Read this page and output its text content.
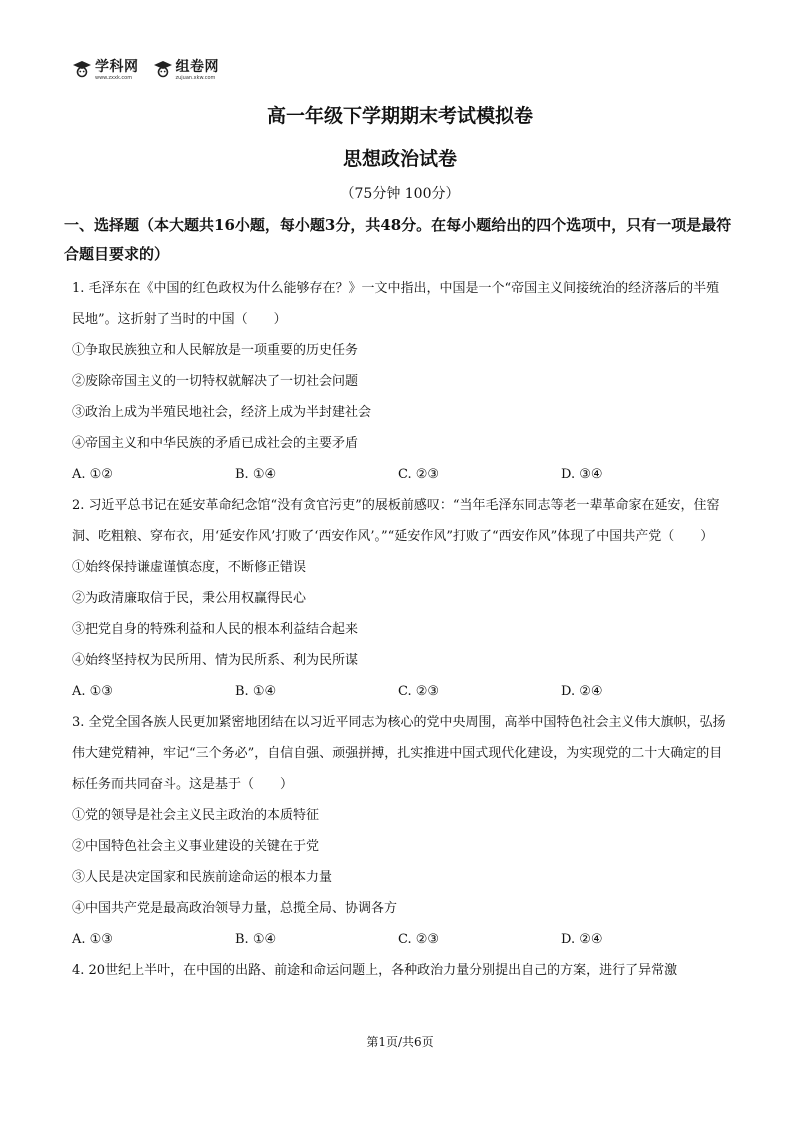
学科网
www.zxxk.com
组卷网
zujuan.xkw.com
高一年级下学期期末考试模拟卷
思想政治试卷
（75分钟 100分）
一、选择题（本大题共16小题，每小题3分，共48分。在每小题给出的四个选项中，只有一项是最符合题目要求的）

1. 毛泽东在《中国的红色政权为什么能够存在？》一文中指出，中国是一个“帝国主义间接统治的经济落后的半殖民地”。这折射了当时的中国（　　）

①争取民族独立和人民解放是一项重要的历史任务
②废除帝国主义的一切特权就解决了一切社会问题
③政治上成为半殖民地社会，经济上成为半封建社会
④帝国主义和中华民族的矛盾已成社会的主要矛盾
A. ①②	B. ①④	C. ②③	D. ③④

2. 习近平总书记在延安革命纪念馆“没有贪官污吏”的展板前感叹：“当年毛泽东同志等老一辈革命家在延安，住窑洞、吃粗粮、穿布衣，用‘延安作风’打败了‘西安作风’。”“延安作风”打败了“西安作风”体现了中国共产党（　　）

①始终保持谦虚谨慎态度，不断修正错误
②为政清廉取信于民，秉公用权赢得民心
③把党自身的特殊利益和人民的根本利益结合起来
④始终坚持权为民所用、情为民所系、利为民所谋
A. ①③	B. ①④	C. ②③	D. ②④

3. 全党全国各族人民更加紧密地团结在以习近平同志为核心的党中央周围，高举中国特色社会主义伟大旗帜，弘扬伟大建党精神，牢记“三个务必”，自信自强、顽强拼搏，扎实推进中国式现代化建设，为实现党的二十大确定的目标任务而共同奋斗。这是基于（　　）

①党的领导是社会主义民主政治的本质特征
②中国特色社会主义事业建设的关键在于党
③人民是决定国家和民族前途命运的根本力量
④中国共产党是最高政治领导力量，总揽全局、协调各方
A. ①③	B. ①④	C. ②③	D. ②④
4. 20世纪上半叶，在中国的出路、前途和命运问题上，各种政治力量分别提出自己的方案，进行了异常激
第1页/共6页
